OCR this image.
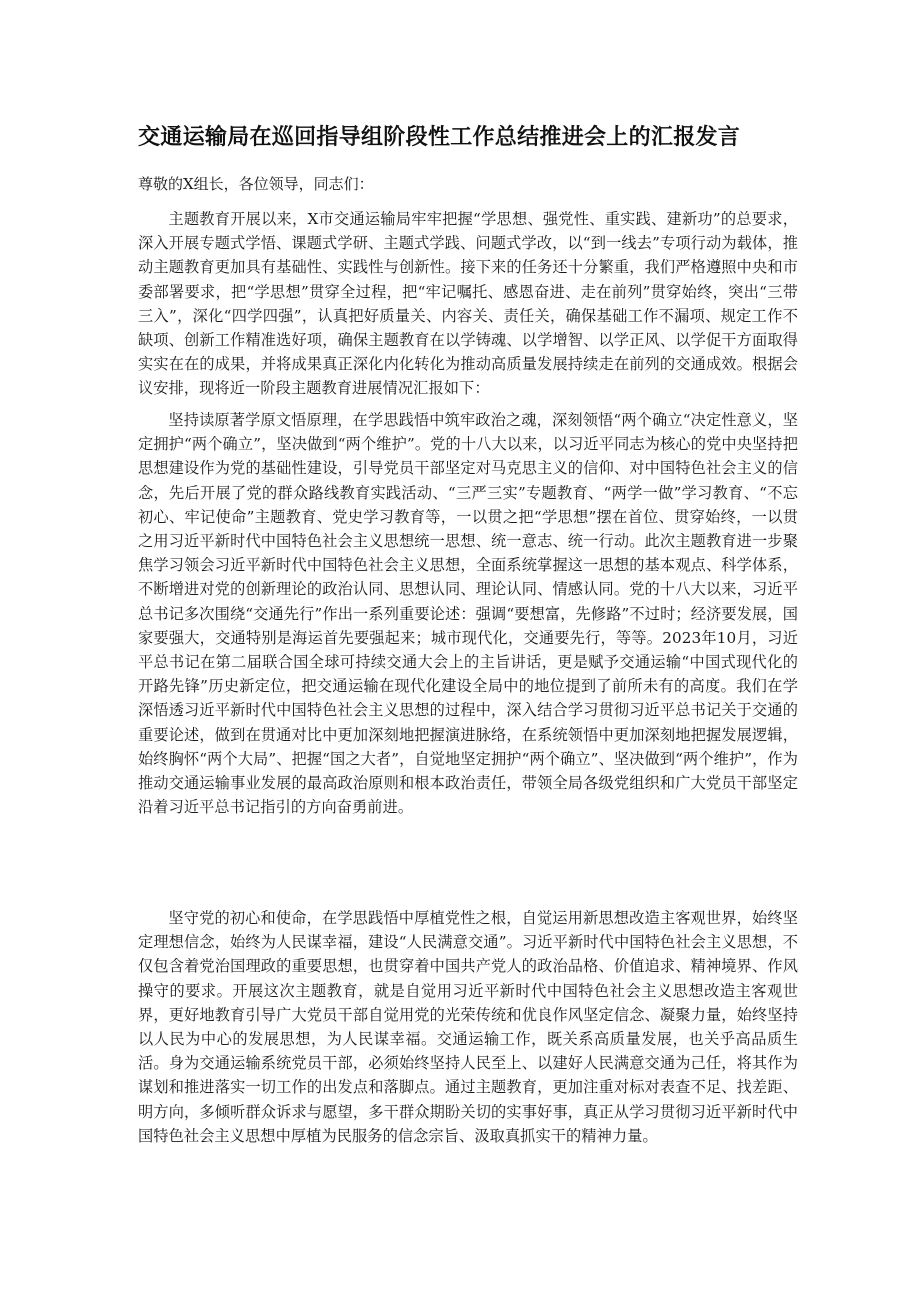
交通运输局在巡回指导组阶段性工作总结推进会上的汇报发言

尊敬的X组长，各位领导，同志们：

主题教育开展以来，X市交通运输局牢牢把握“学思想、强党性、重实践、建新功”的总要求，深入开展专题式学悟、课题式学研、主题式学践、问题式学改，以“到一线去”专项行动为载体，推动主题教育更加具有基础性、实践性与创新性。接下来的任务还十分繁重，我们严格遵照中央和市委部署要求，把“学思想”贯穿全过程，把“牢记嘱托、感恩奋进、走在前列”贯穿始终，突出“三带三入”，深化“四学四强”，认真把好质量关、内容关、责任关，确保基础工作不漏项、规定工作不缺项、创新工作精准选好项，确保主题教育在以学铸魂、以学增智、以学正风、以学促干方面取得实实在在的成果，并将成果真正深化内化转化为推动高质量发展持续走在前列的交通成效。根据会议安排，现将近一阶段主题教育进展情况汇报如下：

坚持读原著学原文悟原理，在学思践悟中筑牢政治之魂，深刻领悟“两个确立“决定性意义，坚定拥护“两个确立”，坚决做到“两个维护”。党的十八大以来，以习近平同志为核心的党中央坚持把思想建设作为党的基础性建设，引导党员干部坚定对马克思主义的信仰、对中国特色社会主义的信念，先后开展了党的群众路线教育实践活动、“三严三实”专题教育、“两学一做”学习教育、“不忘初心、牢记使命”主题教育、党史学习教育等，一以贯之把“学思想”摆在首位、贯穿始终，一以贯之用习近平新时代中国特色社会主义思想统一思想、统一意志、统一行动。此次主题教育进一步聚焦学习领会习近平新时代中国特色社会主义思想，全面系统掌握这一思想的基本观点、科学体系，不断增进对党的创新理论的政治认同、思想认同、理论认同、情感认同。党的十八大以来，习近平总书记多次围绕“交通先行”作出一系列重要论述：强调“要想富，先修路”不过时；经济要发展，国家要强大，交通特别是海运首先要强起来；城市现代化，交通要先行，等等。2023年10月，习近平总书记在第二届联合国全球可持续交通大会上的主旨讲话，更是赋予交通运输“中国式现代化的开路先锋”历史新定位，把交通运输在现代化建设全局中的地位提到了前所未有的高度。我们在学深悟透习近平新时代中国特色社会主义思想的过程中，深入结合学习贯彻习近平总书记关于交通的重要论述，做到在贯通对比中更加深刻地把握演进脉络，在系统领悟中更加深刻地把握发展逻辑，始终胸怀“两个大局”、把握“国之大者”，自觉地坚定拥护“两个确立”、坚决做到“两个维护”，作为推动交通运输事业发展的最高政治原则和根本政治责任，带领全局各级党组织和广大党员干部坚定沿着习近平总书记指引的方向奋勇前进。

坚守党的初心和使命，在学思践悟中厚植党性之根，自觉运用新思想改造主客观世界，始终坚定理想信念，始终为人民谋幸福，建设“人民满意交通”。习近平新时代中国特色社会主义思想，不仅包含着党治国理政的重要思想，也贯穿着中国共产党人的政治品格、价值追求、精神境界、作风操守的要求。开展这次主题教育，就是自觉用习近平新时代中国特色社会主义思想改造主客观世界，更好地教育引导广大党员干部自觉用党的光荣传统和优良作风坚定信念、凝聚力量，始终坚持以人民为中心的发展思想，为人民谋幸福。交通运输工作，既关系高质量发展，也关乎高品质生活。身为交通运输系统党员干部，必须始终坚持人民至上、以建好人民满意交通为己任，将其作为谋划和推进落实一切工作的出发点和落脚点。通过主题教育，更加注重对标对表查不足、找差距、明方向，多倾听群众诉求与愿望，多干群众期盼关切的实事好事，真正从学习贯彻习近平新时代中国特色社会主义思想中厚植为民服务的信念宗旨、汲取真抓实干的精神力量。
